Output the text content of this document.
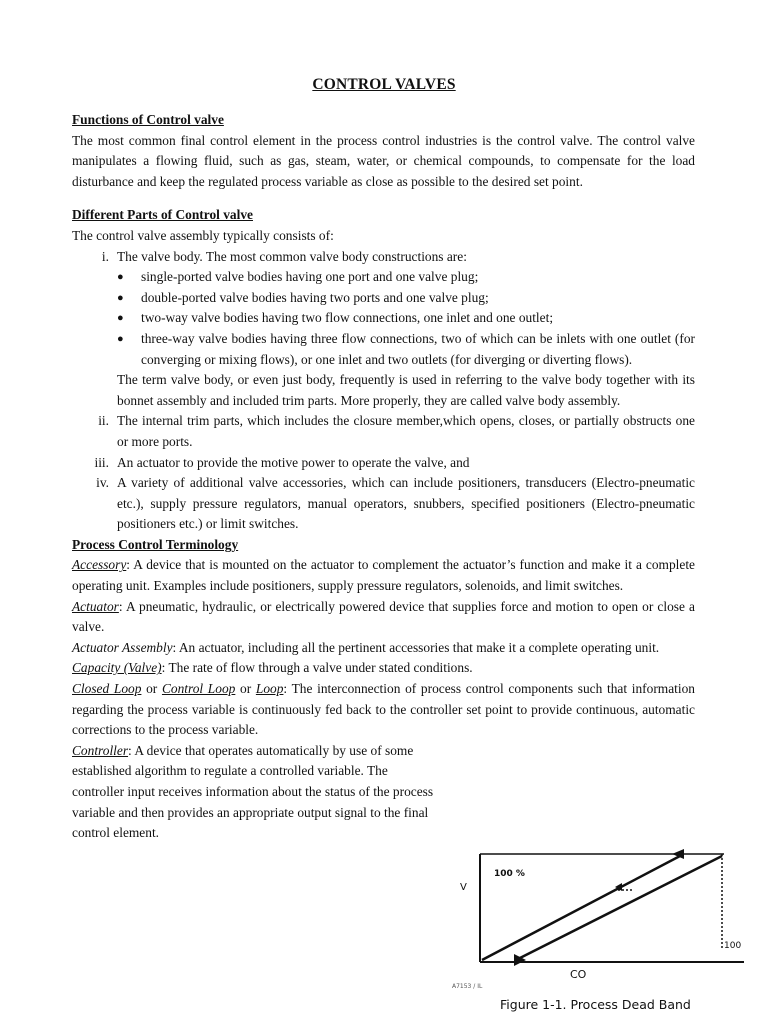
CONTROL VALVES
Functions of Control valve

The most common final control element in the process control industries is the control valve. The control valve manipulates a flowing fluid, such as gas, steam, water, or chemical compounds, to compensate for the load disturbance and keep the regulated process variable as close as possible to the desired set point.

Different Parts of Control valve

The control valve assembly typically consists of:

i. The valve body. The most common valve body constructions are:
● single-ported valve bodies having one port and one valve plug;
● double-ported valve bodies having two ports and one valve plug;
● two-way valve bodies having two flow connections, one inlet and one outlet;
● three-way valve bodies having three flow connections, two of which can be inlets with one outlet (for converging or mixing flows), or one inlet and two outlets (for diverging or diverting flows).

The term valve body, or even just body, frequently is used in referring to the valve body together with its bonnet assembly and included trim parts. More properly, they are called valve body assembly.

ii. The internal trim parts, which includes the closure member,which opens, closes, or partially obstructs one or more ports.
iii. An actuator to provide the motive power to operate the valve, and
iv. A variety of additional valve accessories, which can include positioners, transducers (Electro-pneumatic etc.), supply pressure regulators, manual operators, snubbers, specified positioners (Electro-pneumatic positioners etc.) or limit switches.
Process Control Terminology

Accessory: A device that is mounted on the actuator to complement the actuator’s function and make it a complete operating unit. Examples include positioners, supply pressure regulators, solenoids, and limit switches.

Actuator: A pneumatic, hydraulic, or electrically powered device that supplies force and motion to open or close a valve.

Actuator Assembly: An actuator, including all the pertinent accessories that make it a complete operating unit.

Capacity (Valve): The rate of flow through a valve under stated conditions.

Closed Loop or Control Loop or Loop: The interconnection of process control components such that information regarding the process variable is continuously fed back to the controller set point to provide continuous, automatic corrections to the process variable.

Controller: A device that operates automatically by use of some established algorithm to regulate a controlled variable. The controller input receives information about the status of the process variable and then provides an appropriate output signal to the final control element.

V
100 %
100
CO
A7153 / IL
Figure 1-1. Process Dead Band
